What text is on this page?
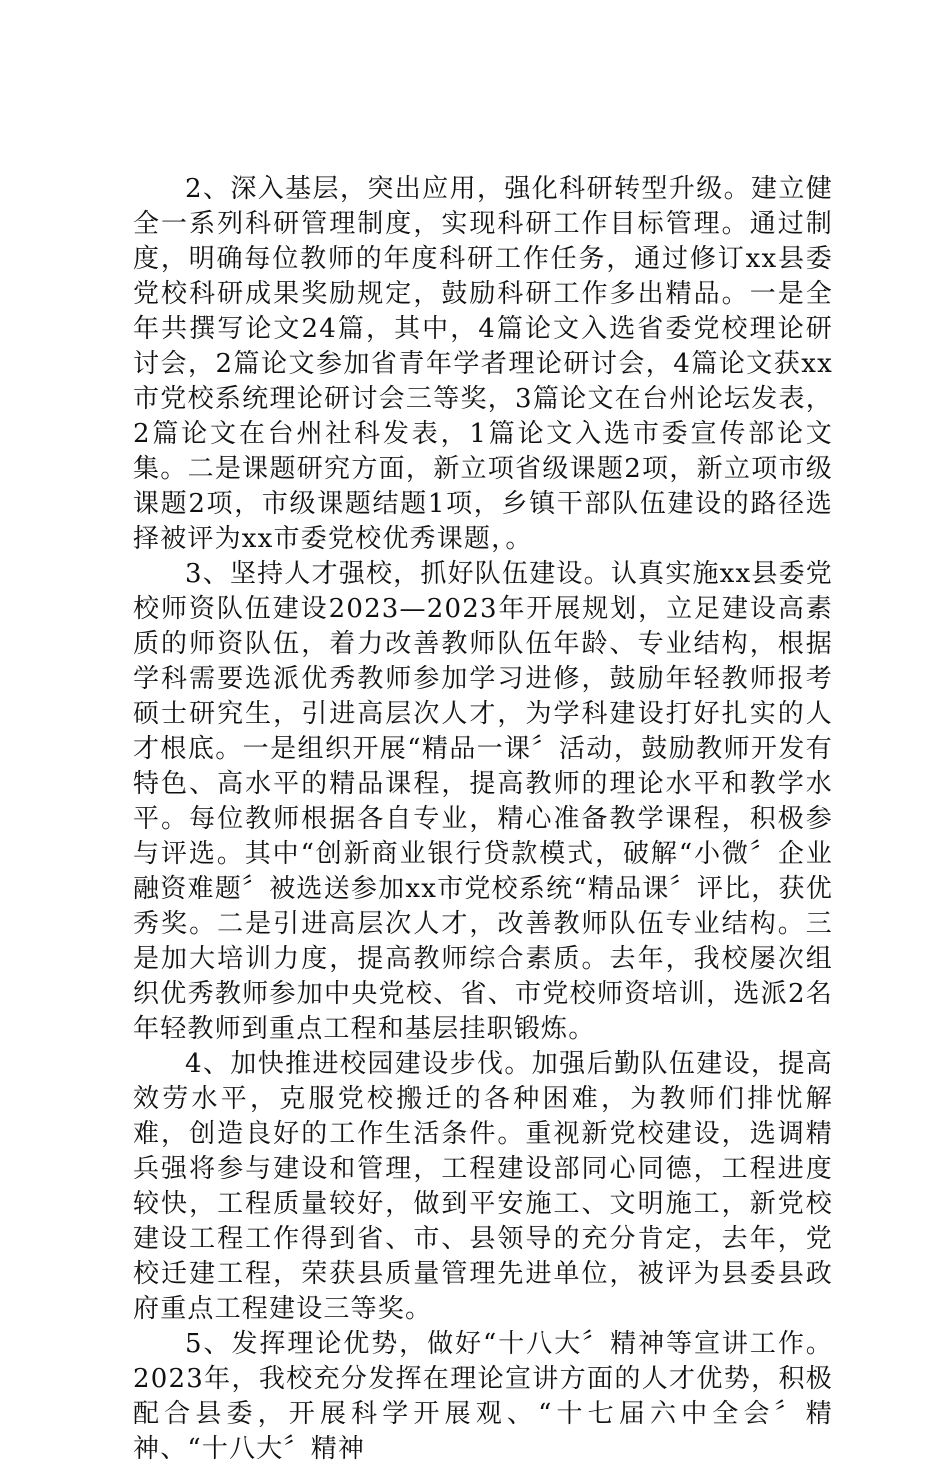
2、深入基层，突出应用，强化科研转型升级。建立健全一系列科研管理制度，实现科研工作目标管理。通过制度，明确每位教师的年度科研工作任务，通过修订xx县委党校科研成果奖励规定，鼓励科研工作多出精品。一是全年共撰写论文24篇，其中，4篇论文入选省委党校理论研讨会，2篇论文参加省青年学者理论研讨会，4篇论文获xx市党校系统理论研讨会三等奖，3篇论文在台州论坛发表，2篇论文在台州社科发表，1篇论文入选市委宣传部论文集。二是课题研究方面，新立项省级课题2项，新立项市级课题2项，市级课题结题1项，乡镇干部队伍建设的路径选择被评为xx市委党校优秀课题，。

3、坚持人才强校，抓好队伍建设。认真实施xx县委党校师资队伍建设2023—2023年开展规划，立足建设高素质的师资队伍，着力改善教师队伍年龄、专业结构，根据学科需要选派优秀教师参加学习进修，鼓励年轻教师报考硕士研究生，引进高层次人才，为学科建设打好扎实的人才根底。一是组织开展“精品一课〞活动，鼓励教师开发有特色、高水平的精品课程，提高教师的理论水平和教学水平。每位教师根据各自专业，精心准备教学课程，积极参与评选。其中“创新商业银行贷款模式，破解“小微〞企业融资难题〞被选送参加xx市党校系统“精品课〞评比，获优秀奖。二是引进高层次人才，改善教师队伍专业结构。三是加大培训力度，提高教师综合素质。去年，我校屡次组织优秀教师参加中央党校、省、市党校师资培训，选派2名年轻教师到重点工程和基层挂职锻炼。

4、加快推进校园建设步伐。加强后勤队伍建设，提高效劳水平，克服党校搬迁的各种困难，为教师们排忧解难，创造良好的工作生活条件。重视新党校建设，选调精兵强将参与建设和管理，工程建设部同心同德，工程进度较快，工程质量较好，做到平安施工、文明施工，新党校建设工程工作得到省、市、县领导的充分肯定，去年，党校迁建工程，荣获县质量管理先进单位，被评为县委县政府重点工程建设三等奖。

5、发挥理论优势，做好“十八大〞精神等宣讲工作。2023年，我校充分发挥在理论宣讲方面的人才优势，积极配合县委，开展科学开展观、“十七届六中全会〞精神、“十八大〞精神
